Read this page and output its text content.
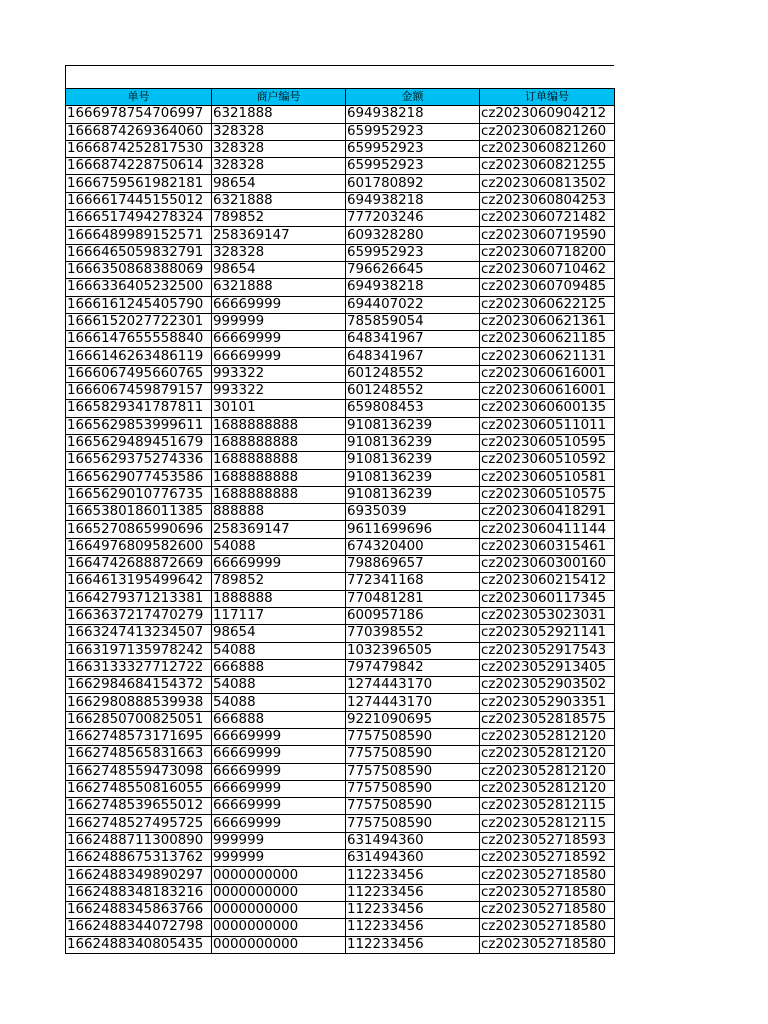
单号	商户编号	金额	订单编号
1666978754706997	6321888	694938218	cz2023060904212
1666874269364060	328328	659952923	cz2023060821260
1666874252817530	328328	659952923	cz2023060821260
1666874228750614	328328	659952923	cz2023060821255
1666759561982181	98654	601780892	cz2023060813502
1666617445155012	6321888	694938218	cz2023060804253
1666517494278324	789852	777203246	cz2023060721482
1666489989152571	258369147	609328280	cz2023060719590
1666465059832791	328328	659952923	cz2023060718200
1666350868388069	98654	796626645	cz2023060710462
1666336405232500	6321888	694938218	cz2023060709485
1666161245405790	66669999	694407022	cz2023060622125
1666152027722301	999999	785859054	cz2023060621361
1666147655558840	66669999	648341967	cz2023060621185
1666146263486119	66669999	648341967	cz2023060621131
1666067495660765	993322	601248552	cz2023060616001
1666067459879157	993322	601248552	cz2023060616001
1665829341787811	30101	659808453	cz2023060600135
1665629853999611	1688888888	9108136239	cz2023060511011
1665629489451679	1688888888	9108136239	cz2023060510595
1665629375274336	1688888888	9108136239	cz2023060510592
1665629077453586	1688888888	9108136239	cz2023060510581
1665629010776735	1688888888	9108136239	cz2023060510575
1665380186011385	888888	6935039	cz2023060418291
1665270865990696	258369147	9611699696	cz2023060411144
1664976809582600	54088	674320400	cz2023060315461
1664742688872669	66669999	798869657	cz2023060300160
1664613195499642	789852	772341168	cz2023060215412
1664279371213381	1888888	770481281	cz2023060117345
1663637217470279	117117	600957186	cz2023053023031
1663247413234507	98654	770398552	cz2023052921141
1663197135978242	54088	1032396505	cz2023052917543
1663133327712722	666888	797479842	cz2023052913405
1662984684154372	54088	1274443170	cz2023052903502
1662980888539938	54088	1274443170	cz2023052903351
1662850700825051	666888	9221090695	cz2023052818575
1662748573171695	66669999	7757508590	cz2023052812120
1662748565831663	66669999	7757508590	cz2023052812120
1662748559473098	66669999	7757508590	cz2023052812120
1662748550816055	66669999	7757508590	cz2023052812120
1662748539655012	66669999	7757508590	cz2023052812115
1662748527495725	66669999	7757508590	cz2023052812115
1662488711300890	999999	631494360	cz2023052718593
1662488675313762	999999	631494360	cz2023052718592
1662488349890297	0000000000	112233456	cz2023052718580
1662488348183216	0000000000	112233456	cz2023052718580
1662488345863766	0000000000	112233456	cz2023052718580
1662488344072798	0000000000	112233456	cz2023052718580
1662488340805435	0000000000	112233456	cz2023052718580
